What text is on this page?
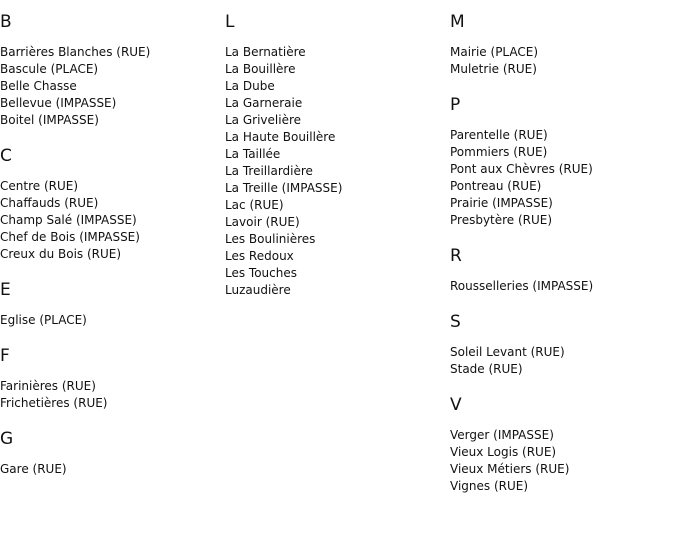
B
Barrières Blanches (RUE)
Bascule (PLACE)
Belle Chasse
Bellevue (IMPASSE)
Boitel (IMPASSE)
C
Centre (RUE)
Chaffauds (RUE)
Champ Salé (IMPASSE)
Chef de Bois (IMPASSE)
Creux du Bois (RUE)
E
Eglise (PLACE)
F
Farinières (RUE)
Frichetières (RUE)
G
Gare (RUE)
L
La Bernatière
La Bouillère
La Dube
La Garneraie
La Grivelière
La Haute Bouillère
La Taillée
La Treillardière
La Treille (IMPASSE)
Lac (RUE)
Lavoir (RUE)
Les Boulinières
Les Redoux
Les Touches
Luzaudière
M
Mairie (PLACE)
Muletrie (RUE)
P
Parentelle (RUE)
Pommiers (RUE)
Pont aux Chèvres (RUE)
Pontreau (RUE)
Prairie (IMPASSE)
Presbytère (RUE)
R
Rousselleries (IMPASSE)
S
Soleil Levant (RUE)
Stade (RUE)
V
Verger (IMPASSE)
Vieux Logis (RUE)
Vieux Métiers (RUE)
Vignes (RUE)
